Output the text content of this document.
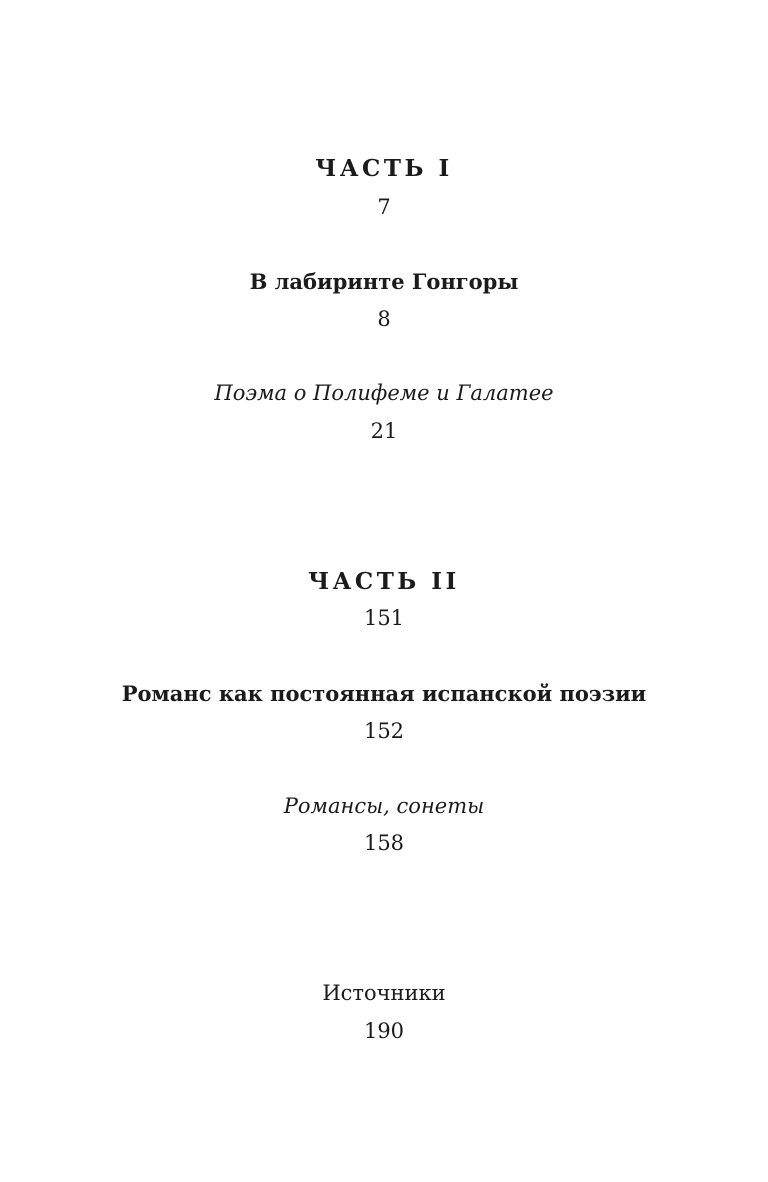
ЧАСТЬ I
7
В лабиринте Гонгоры
8
Поэма о Полифеме и Галатее
21
ЧАСТЬ II
151
Романс как постоянная испанской поэзии
152
Романсы, сонеты
158
Источники
190
